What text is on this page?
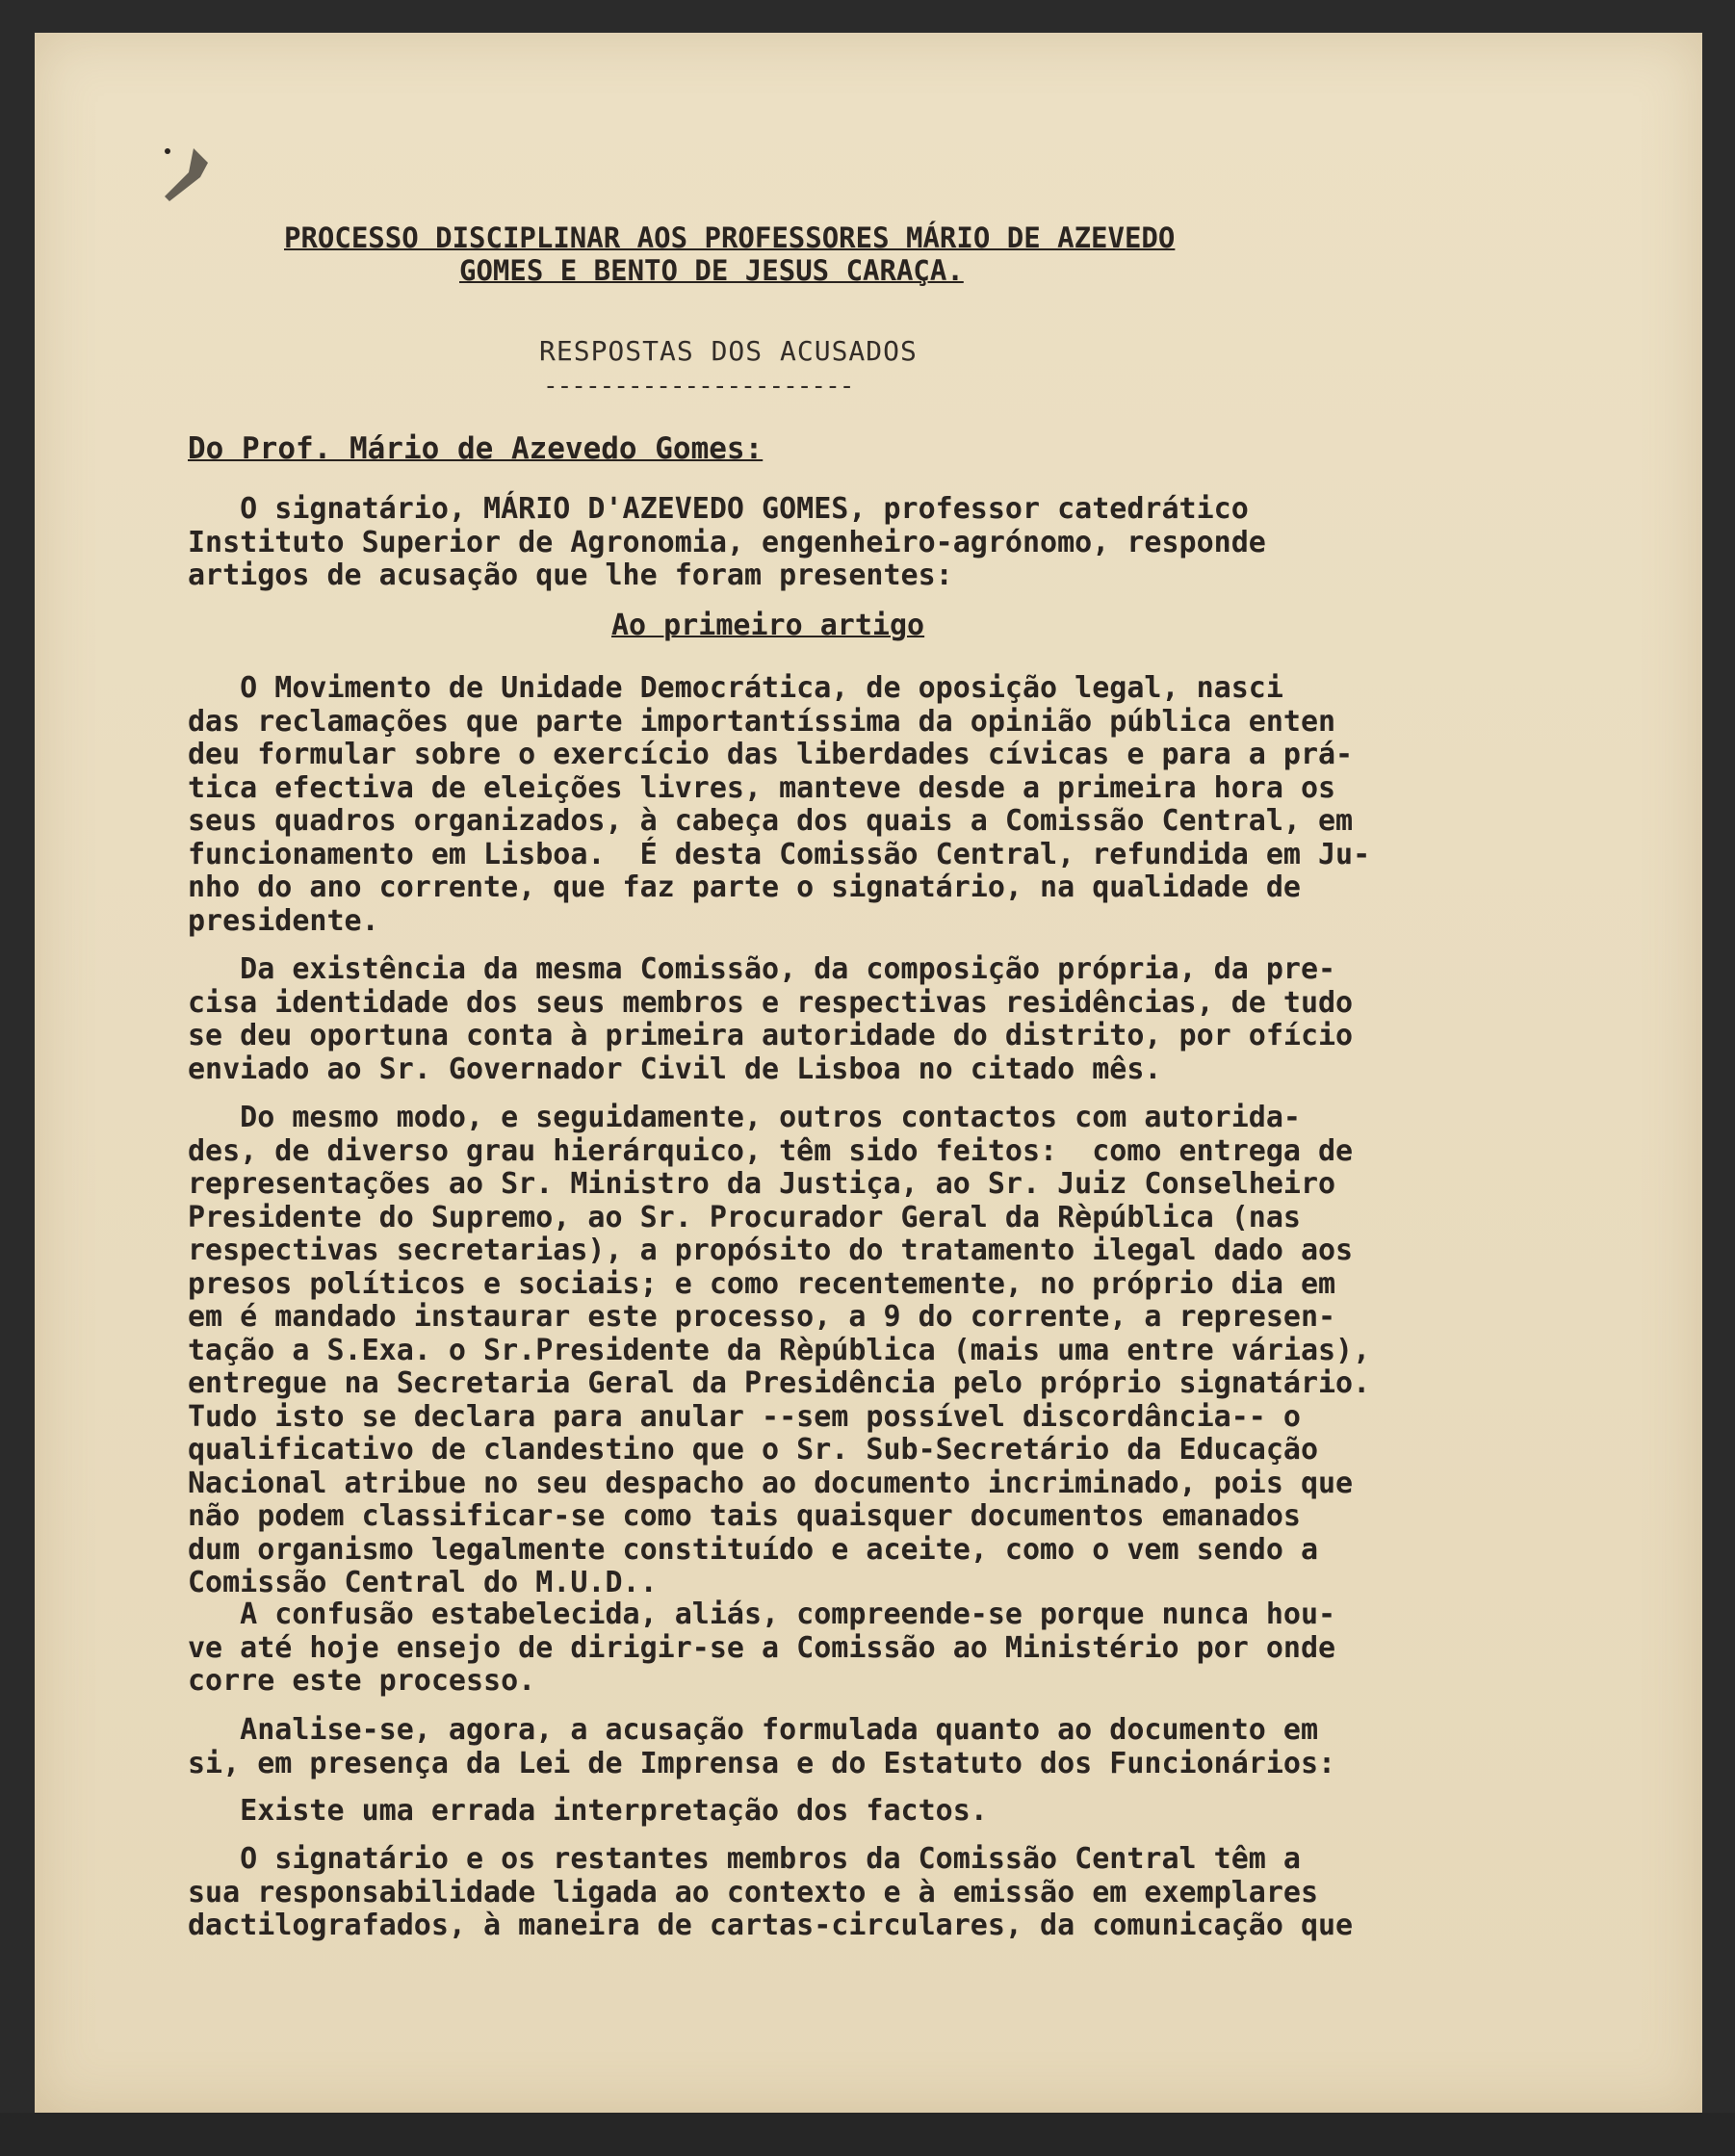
PROCESSO DISCIPLINAR AOS PROFESSORES MÁRIO DE AZEVEDO
GOMES E BENTO DE JESUS CARAÇA.
RESPOSTAS DOS ACUSADOS
----------------------
Do Prof. Mário de Azevedo Gomes:
O signatário, MÁRIO D'AZEVEDO GOMES, professor catedrático
Instituto Superior de Agronomia, engenheiro-agrónomo, responde
artigos de acusação que lhe foram presentes:
Ao primeiro artigo
O Movimento de Unidade Democrática, de oposição legal, nasci
das reclamações que parte importantíssima da opinião pública enten
deu formular sobre o exercício das liberdades cívicas e para a prá-
tica efectiva de eleições livres, manteve desde a primeira hora os
seus quadros organizados, à cabeça dos quais a Comissão Central, em
funcionamento em Lisboa.  É desta Comissão Central, refundida em Ju-
nho do ano corrente, que faz parte o signatário, na qualidade de
presidente.
Da existência da mesma Comissão, da composição própria, da pre-
cisa identidade dos seus membros e respectivas residências, de tudo
se deu oportuna conta à primeira autoridade do distrito, por ofício
enviado ao Sr. Governador Civil de Lisboa no citado mês.
Do mesmo modo, e seguidamente, outros contactos com autorida-
des, de diverso grau hierárquico, têm sido feitos:  como entrega de
representações ao Sr. Ministro da Justiça, ao Sr. Juiz Conselheiro
Presidente do Supremo, ao Sr. Procurador Geral da Rèpública (nas
respectivas secretarias), a propósito do tratamento ilegal dado aos
presos políticos e sociais; e como recentemente, no próprio dia em
em é mandado instaurar este processo, a 9 do corrente, a represen-
tação a S.Exa. o Sr.Presidente da Rèpública (mais uma entre várias),
entregue na Secretaria Geral da Presidência pelo próprio signatário.
Tudo isto se declara para anular --sem possível discordância-- o
qualificativo de clandestino que o Sr. Sub-Secretário da Educação
Nacional atribue no seu despacho ao documento incriminado, pois que
não podem classificar-se como tais quaisquer documentos emanados
dum organismo legalmente constituído e aceite, como o vem sendo a
Comissão Central do M.U.D..
A confusão estabelecida, aliás, compreende-se porque nunca hou-
ve até hoje ensejo de dirigir-se a Comissão ao Ministério por onde
corre este processo.
Analise-se, agora, a acusação formulada quanto ao documento em
si, em presença da Lei de Imprensa e do Estatuto dos Funcionários:
Existe uma errada interpretação dos factos.
O signatário e os restantes membros da Comissão Central têm a
sua responsabilidade ligada ao contexto e à emissão em exemplares
dactilografados, à maneira de cartas-circulares, da comunicação que
